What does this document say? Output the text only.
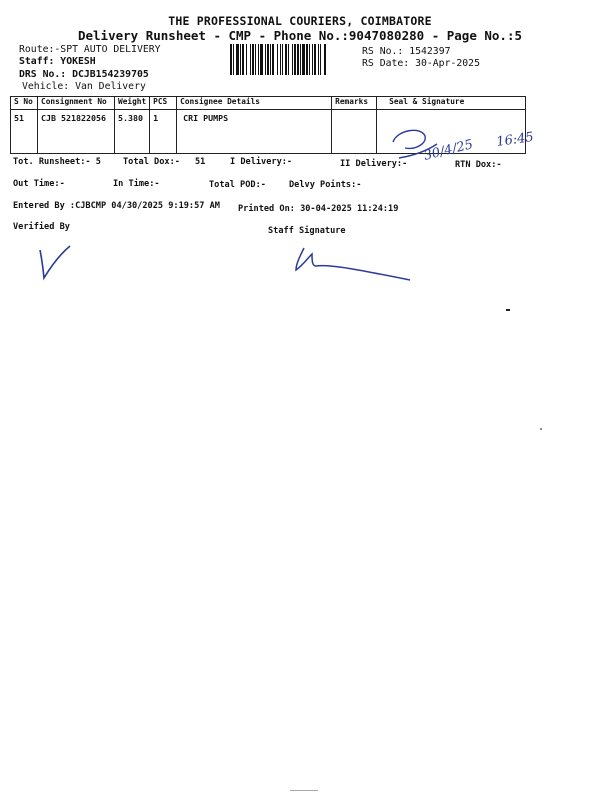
THE PROFESSIONAL COURIERS, COIMBATORE
Delivery Runsheet - CMP - Phone No.:9047080280 - Page No.:5
Route:-SPT AUTO DELIVERY
Staff: YOKESH
DRS No.: DCJB154239705
Vehicle: Van Delivery
RS No.: 1542397
RS Date: 30-Apr-2025
S No	Consignment No	Weight	PCS	Consignee Details	Remarks	Seal & Signature
51	CJB 521822056	5.380	1	CRI PUMPS		
30/4/25 16:45
Tot. Runsheet:- 5	Total Dox:- 51	I Delivery:-	II Delivery:-	RTN Dox:-
Out Time:-	In Time:-	Total POD:-	Delvy Points:-
Entered By :CJBCMP 04/30/2025 9:19:57 AM Printed On: 30-04-2025 11:24:19
Verified By	Staff Signature
